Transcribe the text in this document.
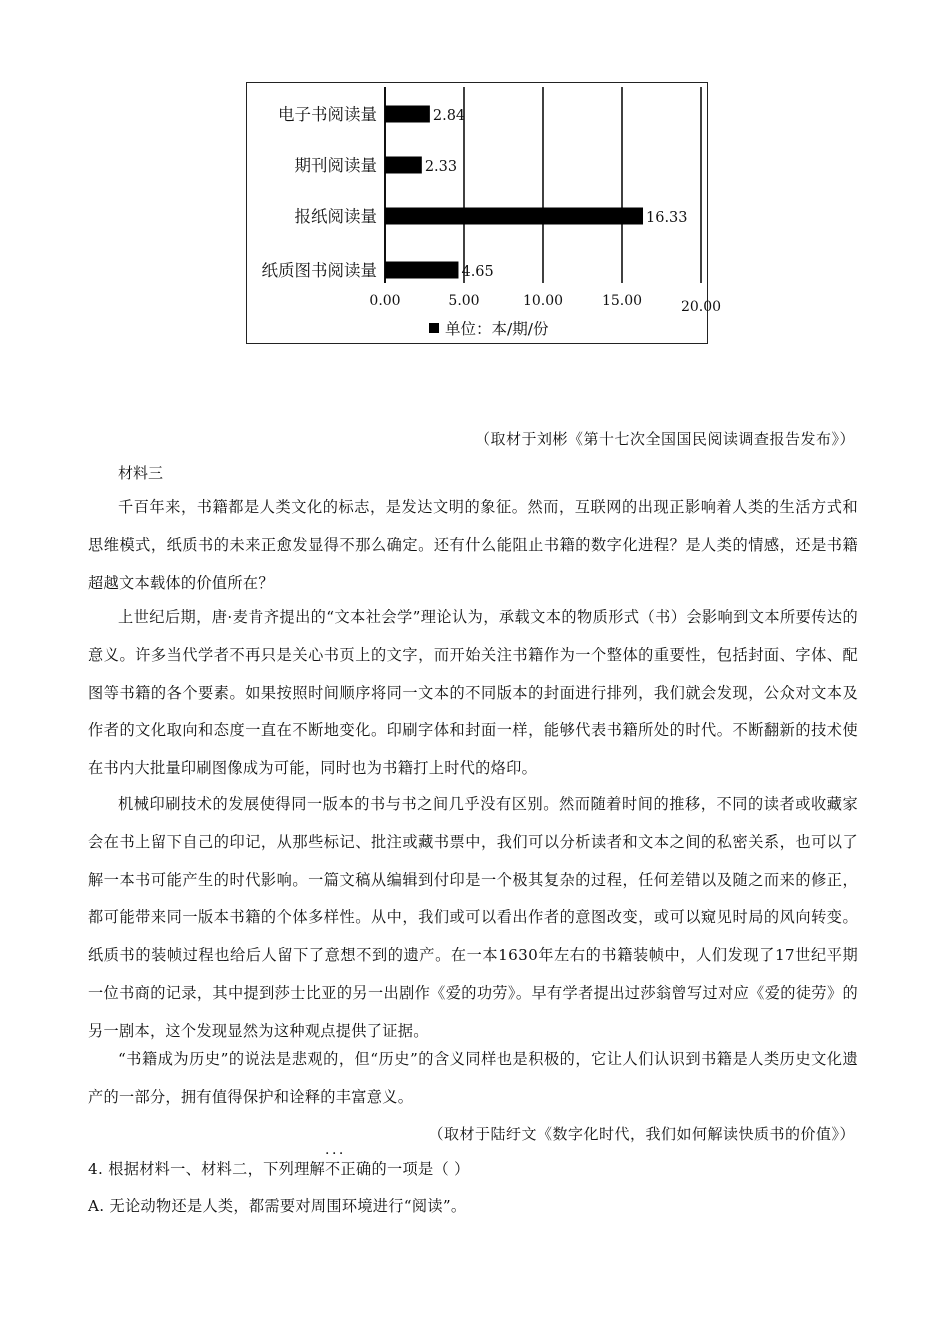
0.00	5.00	10.00	15.00	20.00
电子书阅读量	2.84
期刊阅读量	2.33
报纸阅读量	16.33
纸质图书阅读量	4.65
单位：本/期/份
（取材于刘彬《第十七次全国国民阅读调查报告发布》）
材料三

千百年来，书籍都是人类文化的标志，是发达文明的象征。然而，互联网的出现正影响着人类的生活方式和思维模式，纸质书的未来正愈发显得不那么确定。还有什么能阻止书籍的数字化进程？是人类的情感，还是书籍超越文本载体的价值所在？

上世纪后期，唐·麦肯齐提出的“文本社会学”理论认为，承载文本的物质形式（书）会影响到文本所要传达的意义。许多当代学者不再只是关心书页上的文字，而开始关注书籍作为一个整体的重要性，包括封面、字体、配图等书籍的各个要素。如果按照时间顺序将同一文本的不同版本的封面进行排列，我们就会发现，公众对文本及作者的文化取向和态度一直在不断地变化。印刷字体和封面一样，能够代表书籍所处的时代。不断翻新的技术使在书内大批量印刷图像成为可能，同时也为书籍打上时代的烙印。

机械印刷技术的发展使得同一版本的书与书之间几乎没有区别。然而随着时间的推移，不同的读者或收藏家会在书上留下自己的印记，从那些标记、批注或藏书票中，我们可以分析读者和文本之间的私密关系，也可以了解一本书可能产生的时代影响。一篇文稿从编辑到付印是一个极其复杂的过程，任何差错以及随之而来的修正，都可能带来同一版本书籍的个体多样性。从中，我们或可以看出作者的意图改变，或可以窥见时局的风向转变。纸质书的装帧过程也给后人留下了意想不到的遗产。在一本1630年左右的书籍装帧中，人们发现了17世纪平期一位书商的记录，其中提到莎士比亚的另一出剧作《爱的功劳》。早有学者提出过莎翁曾写过对应《爱的徒劳》的另一剧本，这个发现显然为这种观点提供了证据。

“书籍成为历史”的说法是悲观的，但“历史”的含义同样也是积极的，它让人们认识到书籍是人类历史文化遗产的一部分，拥有值得保护和诠释的丰富意义。

（取材于陆纡文《数字化时代，我们如何解读快质书的价值》）
4. 根据材料一、材料二，下列理解不正确 · · ·的一项是（ ）
A. 无论动物还是人类，都需要对周围环境进行“阅读”。
